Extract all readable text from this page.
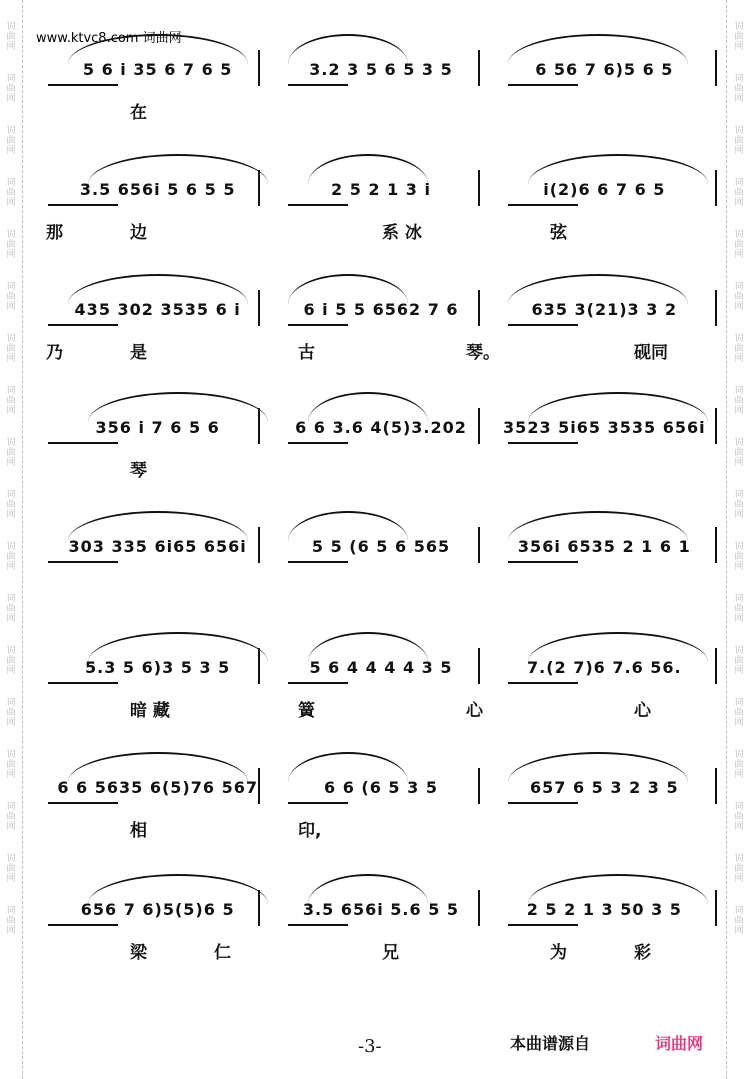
词
曲
网
词
曲
网
词
曲
网
词
曲
网
词
曲
网
词
曲
网
词
曲
网
词
曲
网
词
曲
网
词
曲
网
词
曲
网
词
曲
网
词
曲
网
词
曲
网
词
曲
网
词
曲
网
词
曲
网
词
曲
网
词
曲
网
词
曲
网
词
曲
网
词
曲
网
词
曲
网
词
曲
网
词
曲
网
词
曲
网
词
曲
网
词
曲
网
词
曲
网
词
曲
网
词
曲
网
词
曲
网
词
曲
网
词
曲
网
词
曲
网
词
曲
网
www.ktvc8.com 词曲网
5 6 i 35 6 7 6 5	3.2 3 5 6 5 3 5	6 56 7 6)5 6 5
在
3.5 656i 5 6 5 5	2 5 2 1 3 i	i(2)6 6 7 6 5
那	边	系 冰	弦
435 302 3535 6 i	6 i 5 5 6562 7 6	635 3(21)3 3 2
乃	是	古	琴。	砚同
356 i 7 6 5 6	6 6 3.6 4(5)3.202	3523 5i65 3535 656i
琴
303 335 6i65 656i	5 5 (6 5 6 565	356i 6535 2 1 6 1
5.3 5 6)3 5 3 5	5 6 4 4 4 4 3 5	7.(2 7)6 7.6 56.
暗 藏	簧	心	心
6 6 5635 6(5)76 567	6 6 (6 5 3 5	657 6 5 3 2 3 5
相	印,
656 7 6)5(5)6 5	3.5 656i 5.6 5 5	2 5 2 1 3 50 3 5
梁	仁	兄	为	彩
-3-	本曲谱源自	词曲网
